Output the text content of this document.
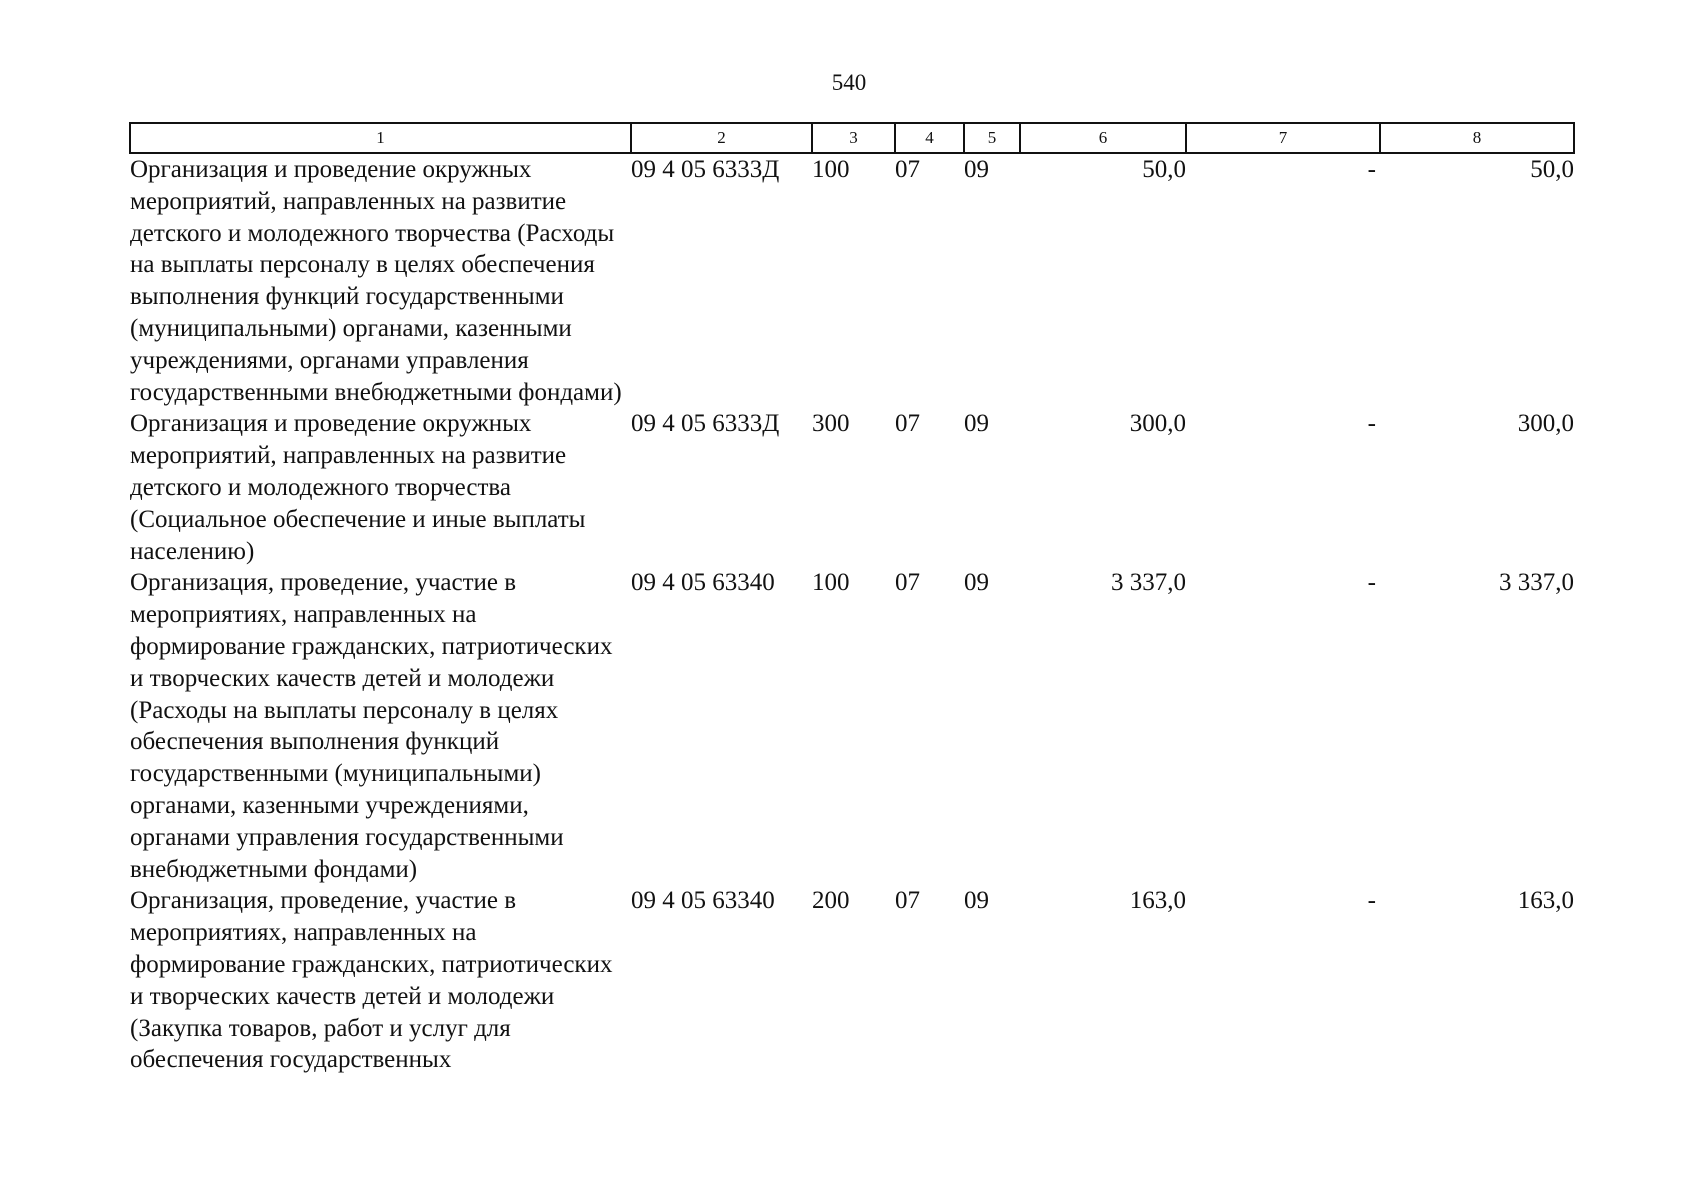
540
1	2	3	4	5	6	7	8
Организация и проведение окружных мероприятий, направленных на развитие детского и молодежного творчества (Расходы на выплаты персоналу в целях обеспечения выполнения функций государственными (муниципальными) органами, казенными учреждениями, органами управления государственными внебюджетными фондами)	09 4 05 6333Д	100	07	09	50,0	-	50,0
Организация и проведение окружных мероприятий, направленных на развитие детского и молодежного творчества (Социальное обеспечение и иные выплаты населению)	09 4 05 6333Д	300	07	09	300,0	-	300,0
Организация, проведение, участие в мероприятиях, направленных на формирование гражданских, патриотических и творческих качеств детей и молодежи (Расходы на выплаты персоналу в целях обеспечения выполнения функций государственными (муниципальными) органами, казенными учреждениями, органами управления государственными внебюджетными фондами)	09 4 05 63340	100	07	09	3 337,0	-	3 337,0
Организация, проведение, участие в мероприятиях, направленных на формирование гражданских, патриотических и творческих качеств детей и молодежи (Закупка товаров, работ и услуг для обеспечения государственных	09 4 05 63340	200	07	09	163,0	-	163,0
